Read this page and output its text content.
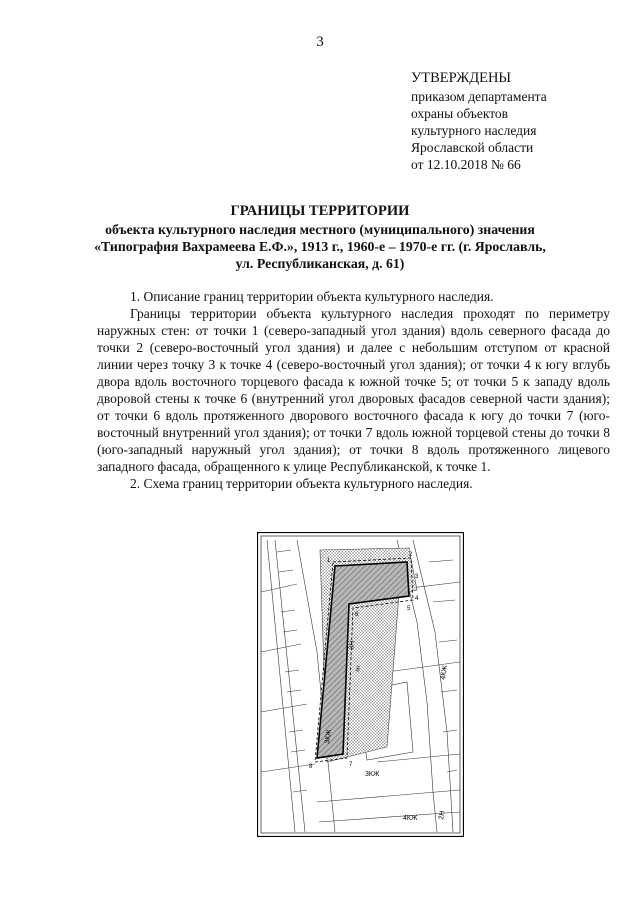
3
УТВЕРЖДЕНЫ
приказом департамента
охраны объектов
культурного наследия
Ярославской области
от 12.10.2018 № 66
ГРАНИЦЫ ТЕРРИТОРИИ
объекта культурного наследия местного (муниципального) значения
«Типография Вахрамеева Е.Ф.», 1913 г., 1960-е – 1970-е гг. (г. Ярославль,
ул. Республиканская, д. 61)

1. Описание границ территории объекта культурного наследия.

Границы территории объекта культурного наследия проходят по периметру наружных стен: от точки 1 (северо-западный угол здания) вдоль северного фасада до точки 2 (северо-восточный угол здания) и далее с небольшим отступом от красной линии через точку 3 к точке 4 (северо-восточный угол здания); от точки 4 к югу вглубь двора вдоль восточного торцевого фасада к южной точке 5; от точки 5 к западу вдоль дворовой стены к точке 6 (внутренний угол дворовых фасадов северной части здания); от точки 6 вдоль протяженного дворового восточного фасада к югу до точки 7 (юго-восточный внутренний угол здания); от точки 7 вдоль южной торцевой стены до точки 8 (юго-западный наружный угол здания); от точки 8 вдоль протяженного лицевого западного фасада, обращенного к улице Республиканской, к точке 1.

2. Схема границ территории объекта культурного наследия.

3Н
5Н
3КЖ
4КЖ
3КЖ
4КЖ	2Н
1
2
3
4
5
6
7
8
